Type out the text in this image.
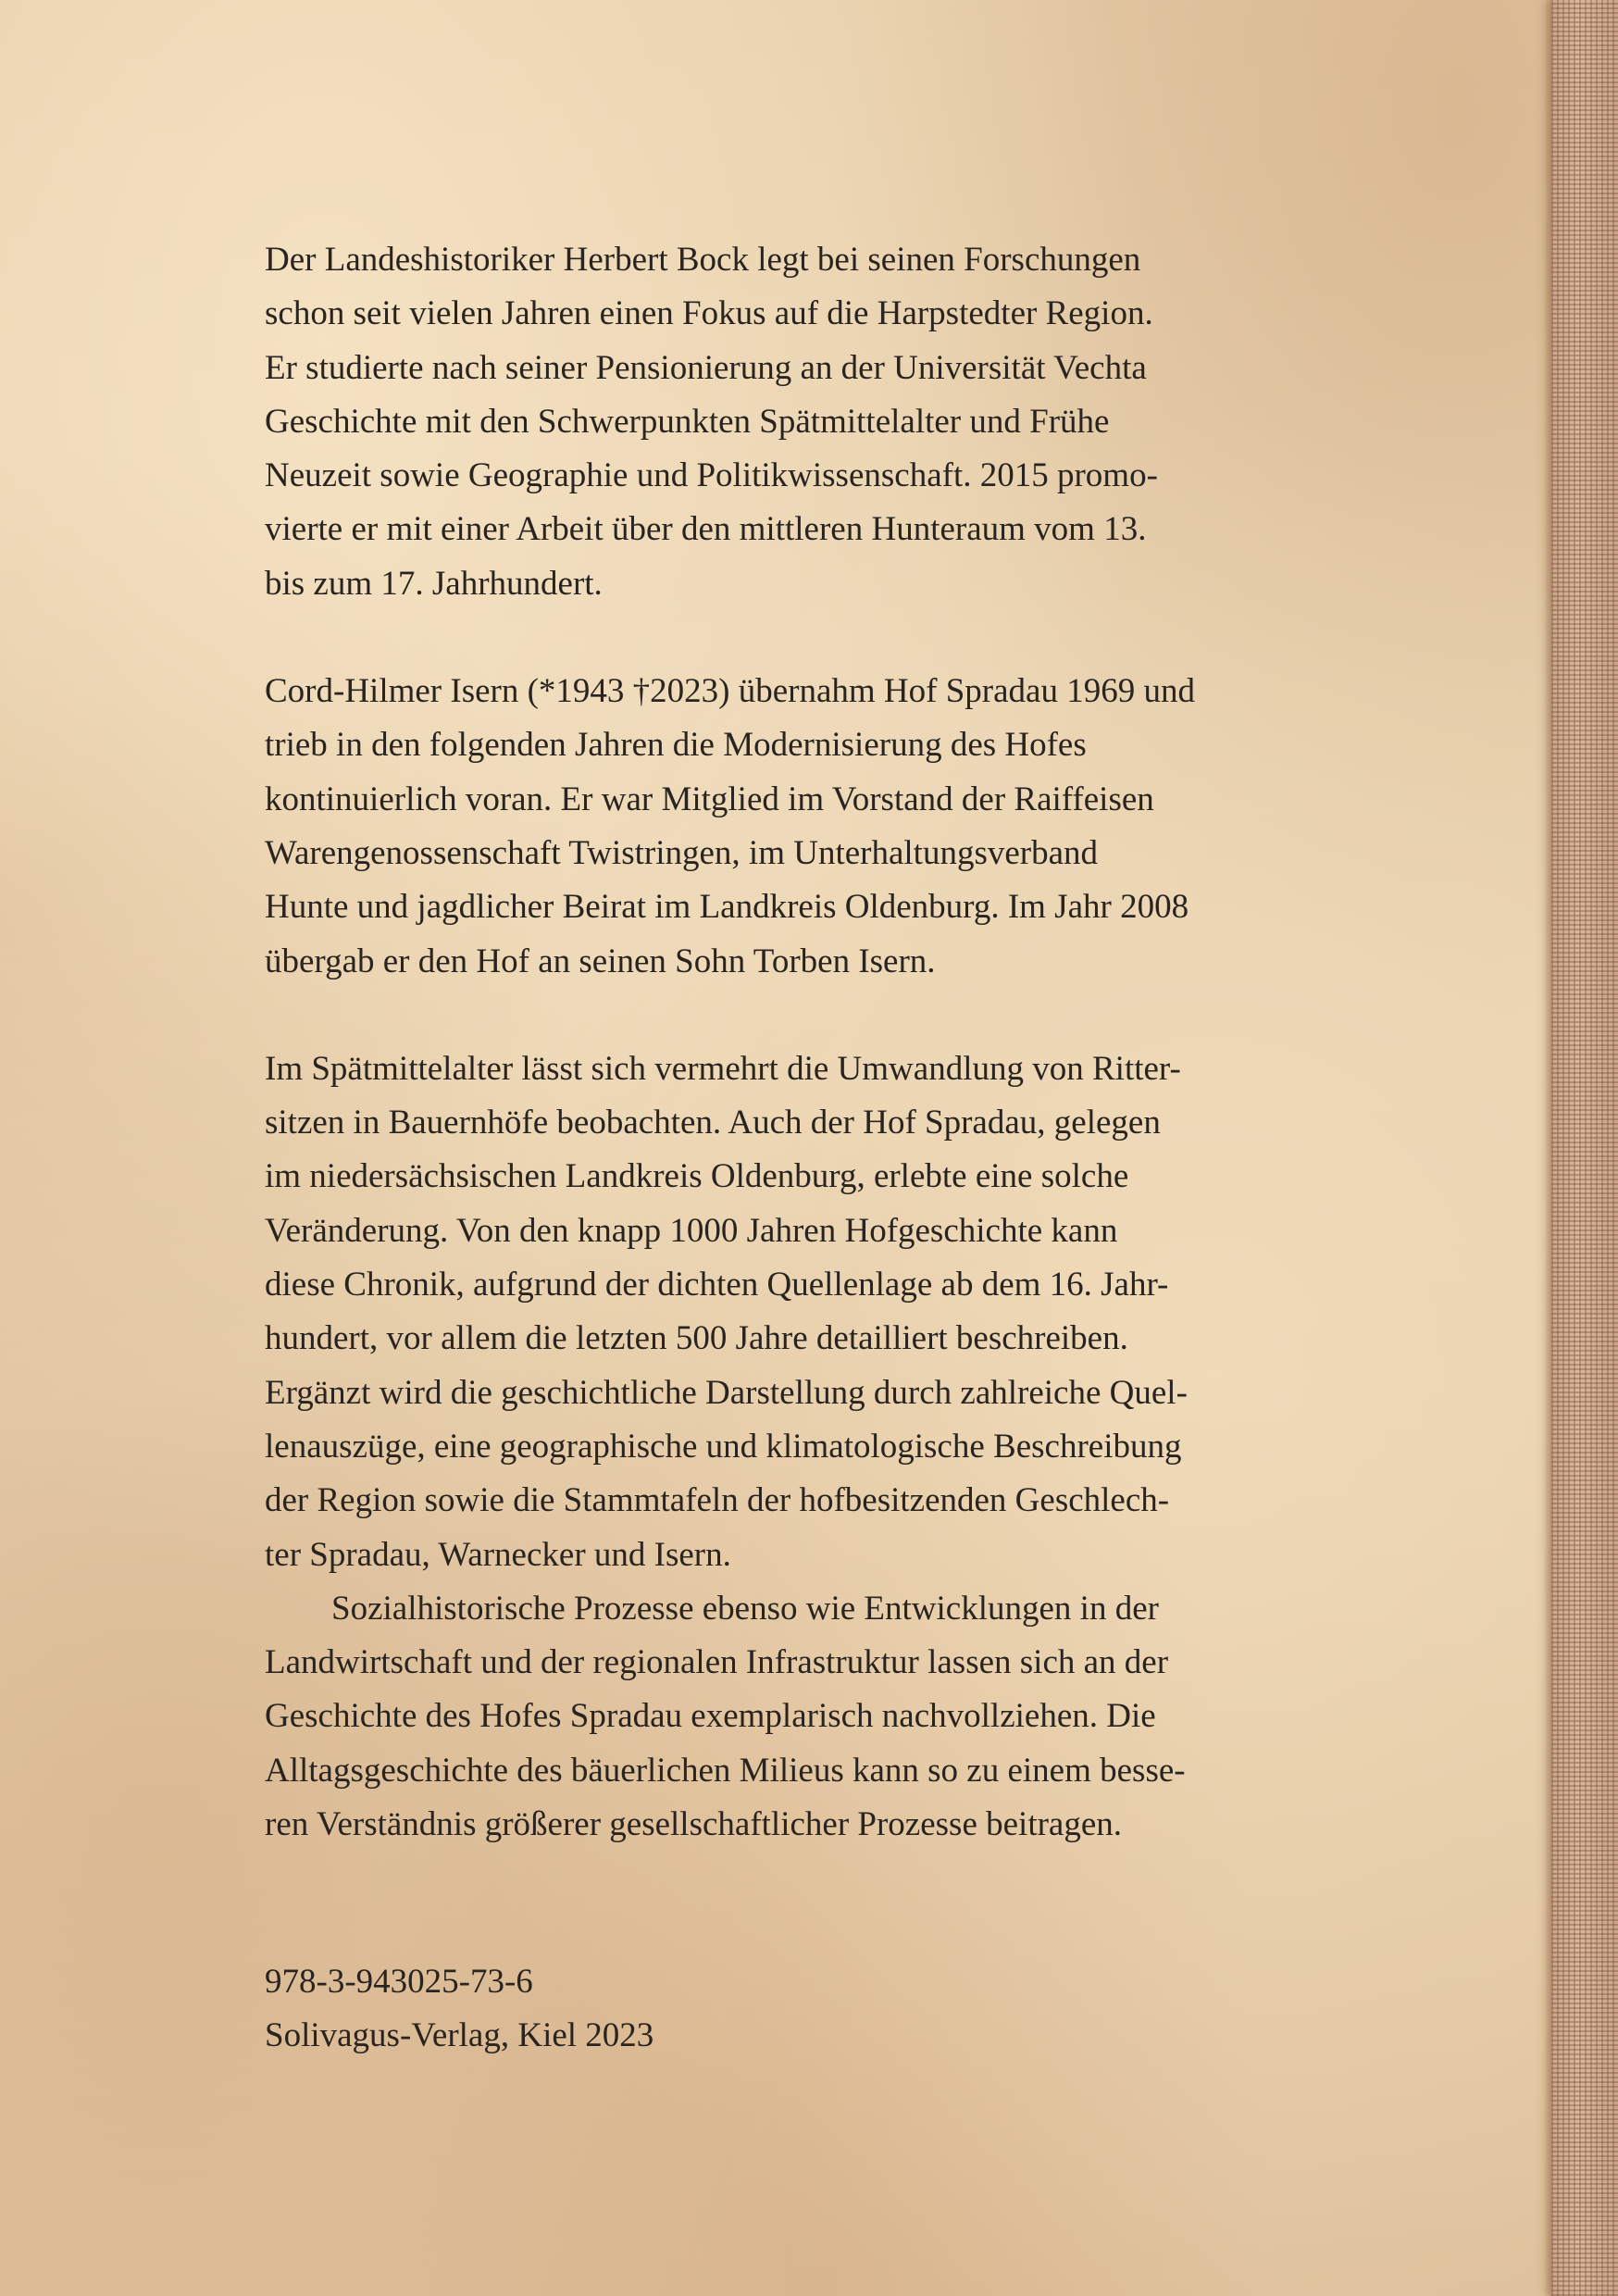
Der Landeshistoriker Herbert Bock legt bei seinen Forschungen
schon seit vielen Jahren einen Fokus auf die Harpstedter Region.
Er studierte nach seiner Pensionierung an der Universität Vechta
Geschichte mit den Schwerpunkten Spätmittelalter und Frühe
Neuzeit sowie Geographie und Politikwissenschaft. 2015 promo-
vierte er mit einer Arbeit über den mittleren Hunteraum vom 13.
bis zum 17. Jahrhundert.

Cord-Hilmer Isern (*1943 †2023) übernahm Hof Spradau 1969 und
trieb in den folgenden Jahren die Modernisierung des Hofes
kontinuierlich voran. Er war Mitglied im Vorstand der Raiffeisen
Warengenossenschaft Twistringen, im Unterhaltungsverband
Hunte und jagdlicher Beirat im Landkreis Oldenburg. Im Jahr 2008
übergab er den Hof an seinen Sohn Torben Isern.

Im Spätmittelalter lässt sich vermehrt die Umwandlung von Ritter-
sitzen in Bauernhöfe beobachten. Auch der Hof Spradau, gelegen
im niedersächsischen Landkreis Oldenburg, erlebte eine solche
Veränderung. Von den knapp 1000 Jahren Hofgeschichte kann
diese Chronik, aufgrund der dichten Quellenlage ab dem 16. Jahr-
hundert, vor allem die letzten 500 Jahre detailliert beschreiben.
Ergänzt wird die geschichtliche Darstellung durch zahlreiche Quel-
lenauszüge, eine geographische und klimatologische Beschreibung
der Region sowie die Stammtafeln der hofbesitzenden Geschlech-
ter Spradau, Warnecker und Isern.

Sozialhistorische Prozesse ebenso wie Entwicklungen in der
Landwirtschaft und der regionalen Infrastruktur lassen sich an der
Geschichte des Hofes Spradau exemplarisch nachvollziehen. Die
Alltagsgeschichte des bäuerlichen Milieus kann so zu einem besse-
ren Verständnis größerer gesellschaftlicher Prozesse beitragen.

978-3-943025-73-6
Solivagus-Verlag, Kiel 2023
